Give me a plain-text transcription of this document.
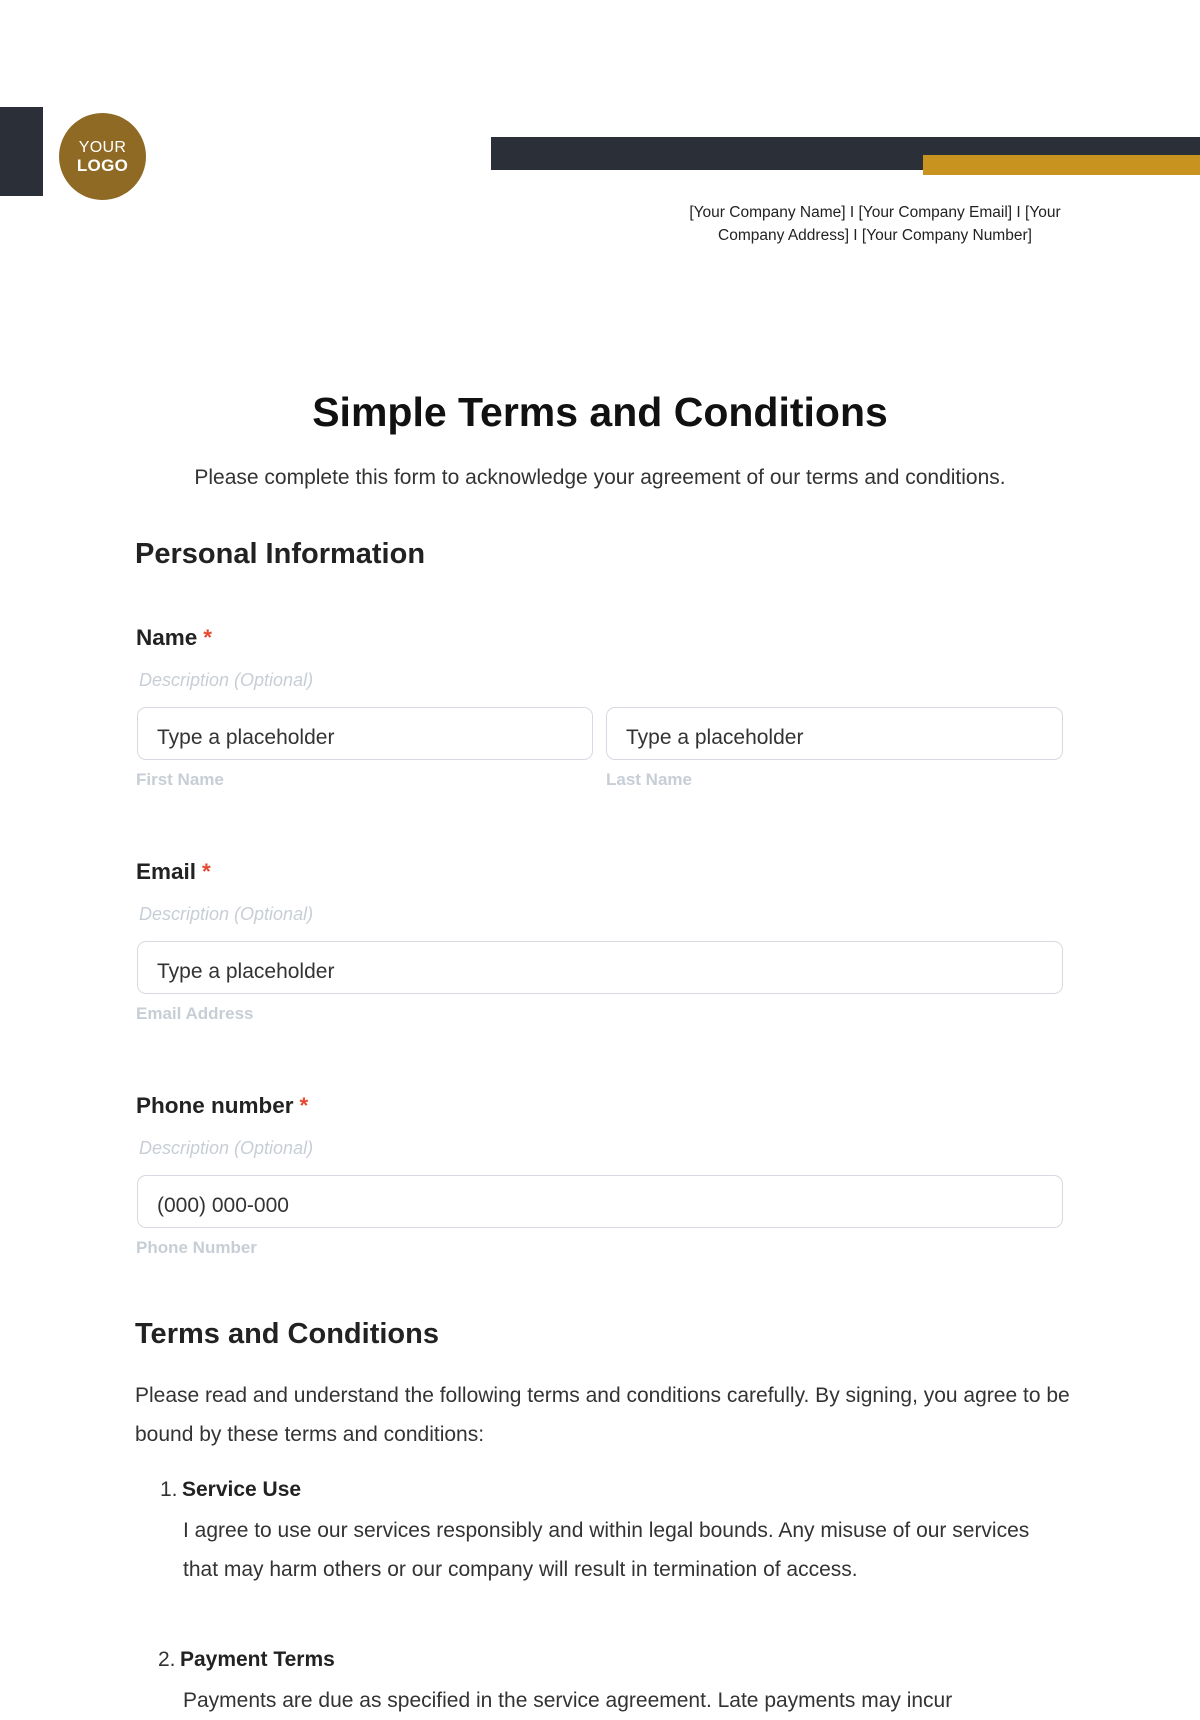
YOUR
LOGO
[Your Company Name] I [Your Company Email] I [Your Company Address] I [Your Company Number]
Simple Terms and Conditions
Please complete this form to acknowledge your agreement of our terms and conditions.
Personal Information
Name *
Description (Optional)
Type a placeholder	Type a placeholder
First Name	Last Name
Email *
Description (Optional)
Type a placeholder
Email Address
Phone number *
Description (Optional)
(000) 000-000
Phone Number
Terms and Conditions
Please read and understand the following terms and conditions carefully. By signing, you agree to be bound by these terms and conditions:
1. Service Use
I agree to use our services responsibly and within legal bounds. Any misuse of our services that may harm others or our company will result in termination of access.
2. Payment Terms
Payments are due as specified in the service agreement. Late payments may incur
